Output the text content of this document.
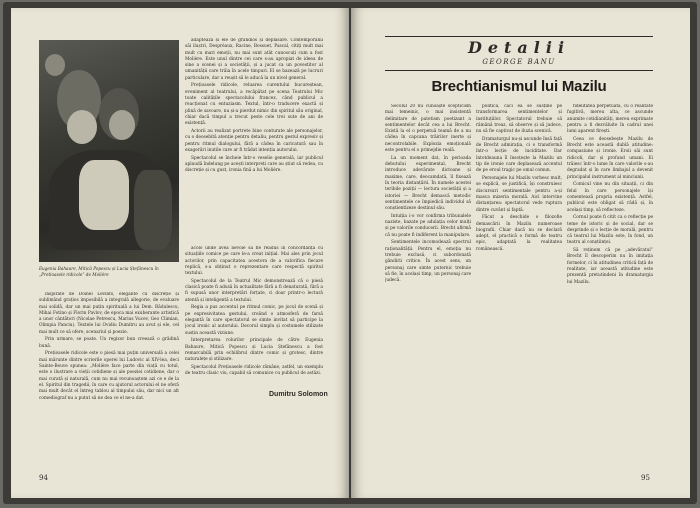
Eugenia Bahaure, Mitică Popescu și Lucia Ștefănescu în „Pretioasele ridicole” de Molière

inspirate de Doinel Levints, elegante cu discreție și sublimând grațios imposibilă a integrală allegorie, de evaluare mai solidă, dar un mai puțin spirituală a lui Dem. Rădulescu, Mihai Fotino și Florin Pavlov, de epoca mai exuberante artistică a unor cântători (Nicolae Petrescu, Marius Vucev, Geo Climian, Olimpia Panciu). Textele lui Ovidiu Dumitru au avut și ele, cel mai mult ce să ofere, scenariul și poezie.

Prin urmare, se poate. Un regizor bun creează o grădină bună.

Prețioasele ridicole este o piesă mai puțin universală a celei mai mărunte dintre scrierile operei lui Ludovic al XIV-lea, deci Sainte-Beuve spunea: „Molière face parte din viață cu totul, este o ilustrare a vieții cotidiene și ale poeziei cotidiene, dar o mai curată și naturală, cum nu mai recunoaștem azi ce e de la el. Spiritul din tragedii, în care cu ajutorul actorului el ne oferă mai mult decât el întreg tablou al timpului său, dar nici un alt comediograf nu a putut să ne dea ce el ne-a dat.

adaptează și ele de grandios și deplasare. Contemporanii săi iluștri, Despréaux, Racine, Bossuet, Pascal, citiți mult mai mult cu mari emoții, nu mai sunt atât cunoscuți cum a fost Molière. Este unul dintre cei care s-au apropiat de ideea de sine a scenei și a societății, și a jucat ca un povestitor al umanității care trăia în acele timpuri. El se bazează pe lucruri particulare, dar a reușit să le aducă la un nivel general.

Prețioasele ridicole, reluarea curentului bucureștean, eveniment al teatrului, a recăpătat pe scena Teatrului Mic toate calitățile spectacolului francez, când publicul a reacționat cu entuziasm. Textul, într-o traducere exactă și plină de savoare, nu și-a pierdut nimic din spiritul său original, chiar dacă timpul a trecut peste cele trei sute de ani de existență.

Actorii au realizat portrete bine conturate ale personajelor, cu o deosebită atenție pentru detaliu, pentru gestul expresiv și pentru ritmul dialogului, fără a cădea în caricatură sau în exagerări inutile care ar fi trădat intenția autorului.

Spectacolul se încheie într-o veselie generală, iar publicul aplaudă îndelung pe acești interpreți care au știut să redea, cu discreție și cu gust, ironia fină a lui Molière.

acolo unde avea nevoie să fie readus în concordanță cu situațiile comice pe care le-a creat inițial. Mai ales prin jocul actorilor, prin capacitatea acestora de a valorifica fiecare replică, s-a obținut o reprezentare care respectă spiritul textului.

Spectacolul de la Teatrul Mic demonstrează că o piesă clasică poate fi adusă în actualitate fără a fi denaturată, fără a fi supusă unor interpretări forțate, ci doar printr-o lectură atentă și inteligentă a textului.

Regia a pus accentul pe ritmul comic, pe jocul de scenă și pe expresivitatea gestului, creând o atmosferă de farsă elegantă în care spectatorul se simte invitat să participe la jocul ironic al autorului. Decorul simplu și costumele stilizate susțin această viziune.

Interpretarea rolurilor principale de către Eugenia Bahaure, Mitică Popescu și Lucia Ștefănescu a fost remarcabilă prin echilibrul dintre comic și grotesc, dintre naturalețe și stilizare.

Spectacolul Prețioasele ridicole rămâne, astfel, un exemplu de teatru clasic viu, capabil să comunice cu publicul de astăzi.

Dumitru Solomon
94
Detalii
GEORGE BANU
Brechtianismul lui Mazilu

Secolul 20 nu cunoaște scepticism mai temeinic, o mai insistentă delimitare de patetism poetizant a sentimentelor decât cea a lui Brecht. Există la el o perpetuă teamă de a nu cădea în capcana trăirilor inerte și necontrolabile. Explozia emoțională este pentru el o primejdie reală.

La un moment dat, în perioada debutului experimental, Brecht introduce adevărate dictoane și maxime, care, deocamdată, îl fixează în teoria distanțării. În numele acestei teribile poziții — lectura societății și a istoriei — Brecht demască metodic sentimentele ce împiedică individul să conștientizeze destinul său.

Intuiția i-o vor confirma tribunalele naziste, bazate pe adulația celor mulți și pe valorile conducerii. Brecht afirmă că nu poate fi indiferent la manipulare.

Sentimentele incomodează spectrul raționalității. Pentru el, emoția nu trebuie exclusă, ci subordonată gândirii critice. În acest sens, un personaj care simte puternic trebuie să fie, în același timp, un personaj care judecă.

politică, căci ea se susține pe transformarea sentimentelor și instituțiilor. Spectatorul trebuie să rămână treaz, să observe și să judece, nu să fie captivat de iluzia scenică.

Dramaturgul nu-și ascunde însă față de Brecht admirația, ci o transformă într-o lecție de luciditate. Dar întotdeauna îl însoțește la Mazilu un tip de ironie care deplasează accentul de pe eroul tragic pe omul comun.

Personajele lui Mazilu vorbesc mult, se explică, se justifică, își construiesc discursuri sentimentale pentru a-și masca mizeria morală. Aici intervine distanțarea: spectatorul vede ruptura dintre cuvânt și faptă.

Făcut a deschide o filozofie demascării în Mazilu numeroase biografii. Chiar dacă nu se declară adept, el practică o formă de teatru epic, adaptată la realitatea românească.

fidelitatea perpetuată, cu o realitate fugitivă, mereu alta, ce ascunde anumite cotidianități, mereu exprimate pentru a fi dezvăluite în cadrul unei lumi aparent firești.

Ceea ce deosebește Mazilu de Brecht este această dublă atitudine: compasiune și ironie. Eroii săi sunt ridicoli, dar și profund umani. Ei trăiesc într-o lume în care valorile s-au degradat și în care limbajul a devenit principalul instrument al minciunii.

Comicul vine nu din situații, ci din felul în care personajele își comentează propria existență. Astfel, publicul este obligat să râdă și, în același timp, să reflecteze.

Cornul poate fi citit ca o reflecție pe teme de istoric și de social, dar se desprinde și o lecție de morală, pentru că teatrul lui Mazilu este, în fond, un teatru al conștiinței.

Să reținem că pe „adevăratul” Brecht îl descoperim nu în imitația formelor, ci în atitudinea critică față de realitate, iar această atitudine este prezentă pretutindeni în dramaturgia lui Mazilu.

95
